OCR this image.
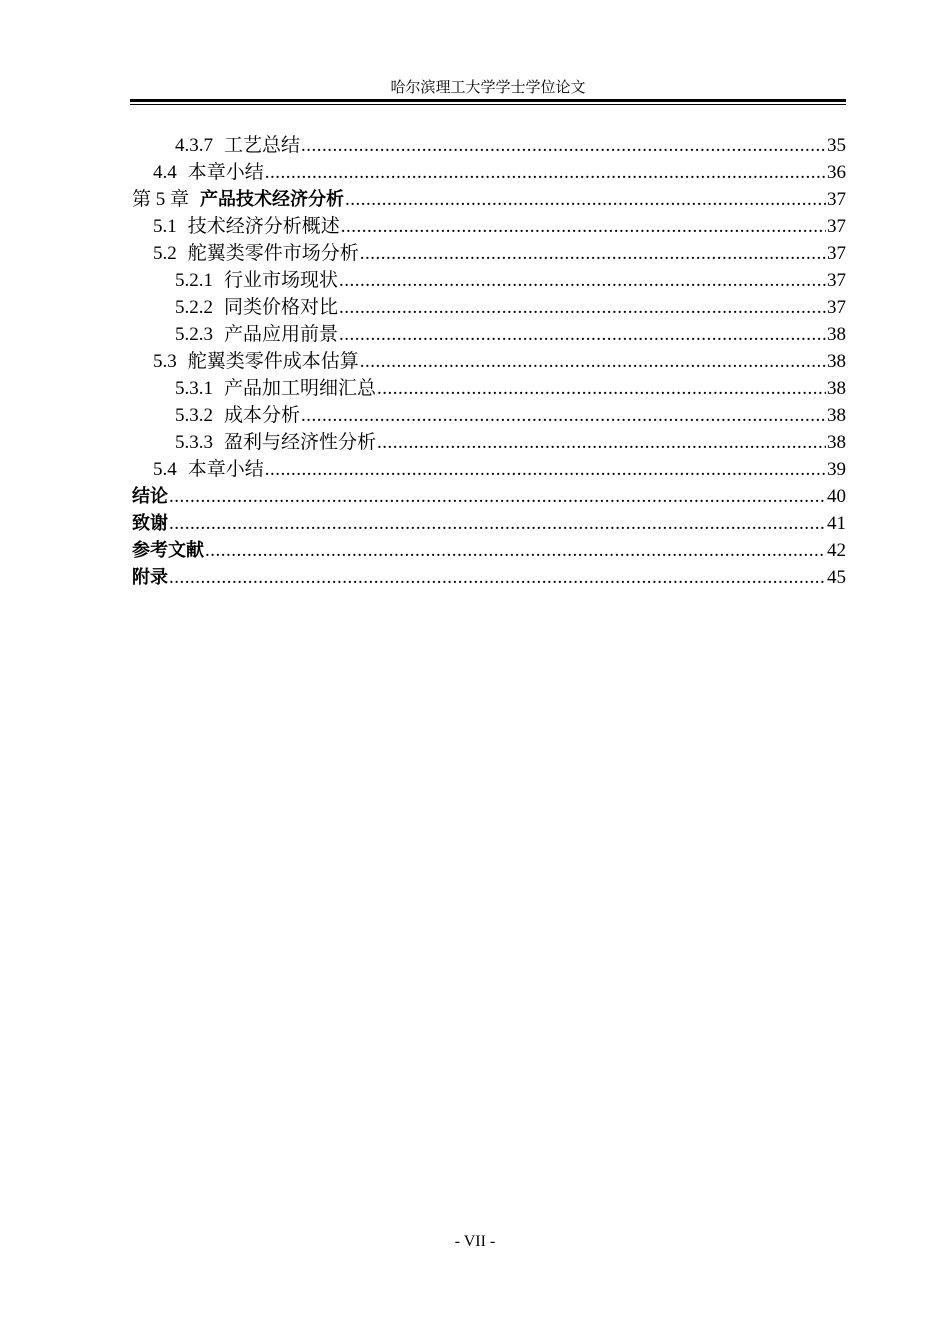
哈尔滨理工大学学士学位论文
4.3.7 工艺总结 .....	35
4.4 本章小结 .....	36
第 5 章 产品技术经济分析 .....	37
5.1 技术经济分析概述 .....	37
5.2 舵翼类零件市场分析 .....	37
5.2.1 行业市场现状 .....	37
5.2.2 同类价格对比 .....	37
5.2.3 产品应用前景 .....	38
5.3 舵翼类零件成本估算 .....	38
5.3.1 产品加工明细汇总 .....	38
5.3.2 成本分析 .....	38
5.3.3 盈利与经济性分析 .....	38
5.4 本章小结 .....	39
结论 .....	40
致谢 .....	41
参考文献 .....	42
附录 .....	45
- VII -
